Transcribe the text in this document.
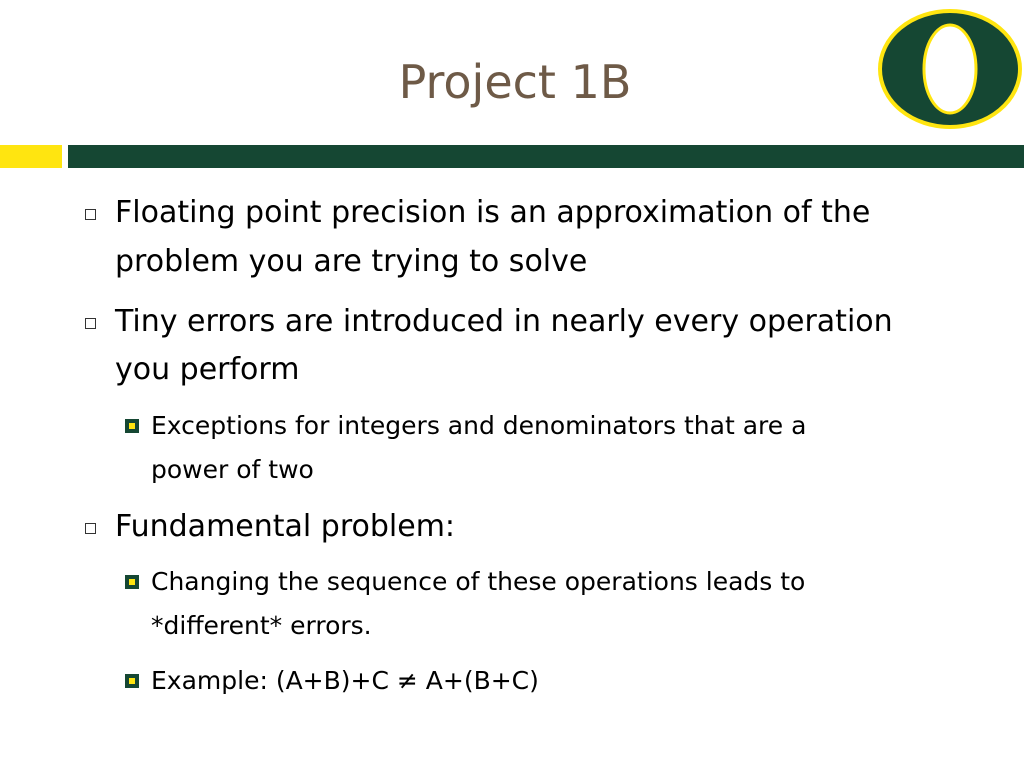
Project 1B
Floating point precision is an approximation of the
problem you are trying to solve
Tiny errors are introduced in nearly every operation
you perform
Exceptions for integers and denominators that are a
power of two
Fundamental problem:
Changing the sequence of these operations leads to
*different* errors.
Example: (A+B)+C ≠ A+(B+C)
